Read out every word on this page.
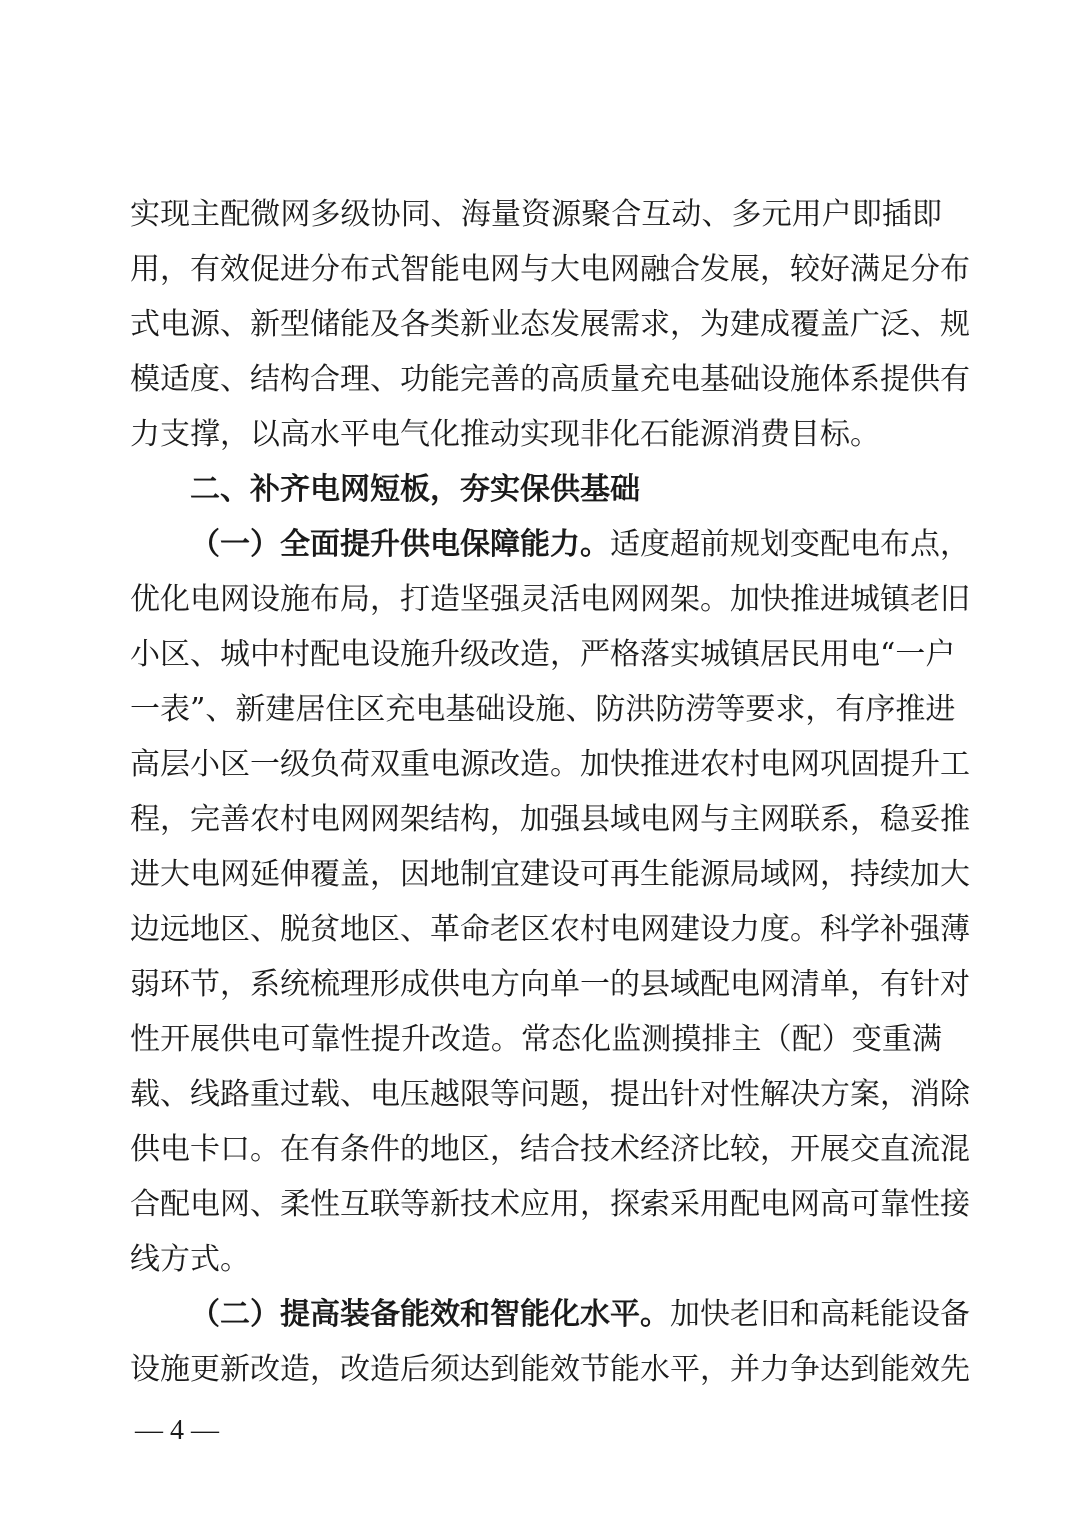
实现主配微网多级协同、海量资源聚合互动、多元用户即插即
用，有效促进分布式智能电网与大电网融合发展，较好满足分布
式电源、新型储能及各类新业态发展需求，为建成覆盖广泛、规
模适度、结构合理、功能完善的高质量充电基础设施体系提供有
力支撑，以高水平电气化推动实现非化石能源消费目标。
二、补齐电网短板，夯实保供基础
（一）全面提升供电保障能力。适度超前规划变配电布点，
优化电网设施布局，打造坚强灵活电网网架。加快推进城镇老旧
小区、城中村配电设施升级改造，严格落实城镇居民用电“一户
一表”、新建居住区充电基础设施、防洪防涝等要求，有序推进
高层小区一级负荷双重电源改造。加快推进农村电网巩固提升工
程，完善农村电网网架结构，加强县域电网与主网联系，稳妥推
进大电网延伸覆盖，因地制宜建设可再生能源局域网，持续加大
边远地区、脱贫地区、革命老区农村电网建设力度。科学补强薄
弱环节，系统梳理形成供电方向单一的县域配电网清单，有针对
性开展供电可靠性提升改造。常态化监测摸排主（配）变重满
载、线路重过载、电压越限等问题，提出针对性解决方案，消除
供电卡口。在有条件的地区，结合技术经济比较，开展交直流混
合配电网、柔性互联等新技术应用，探索采用配电网高可靠性接
线方式。
（二）提高装备能效和智能化水平。加快老旧和高耗能设备
设施更新改造，改造后须达到能效节能水平，并力争达到能效先
— 4 —
